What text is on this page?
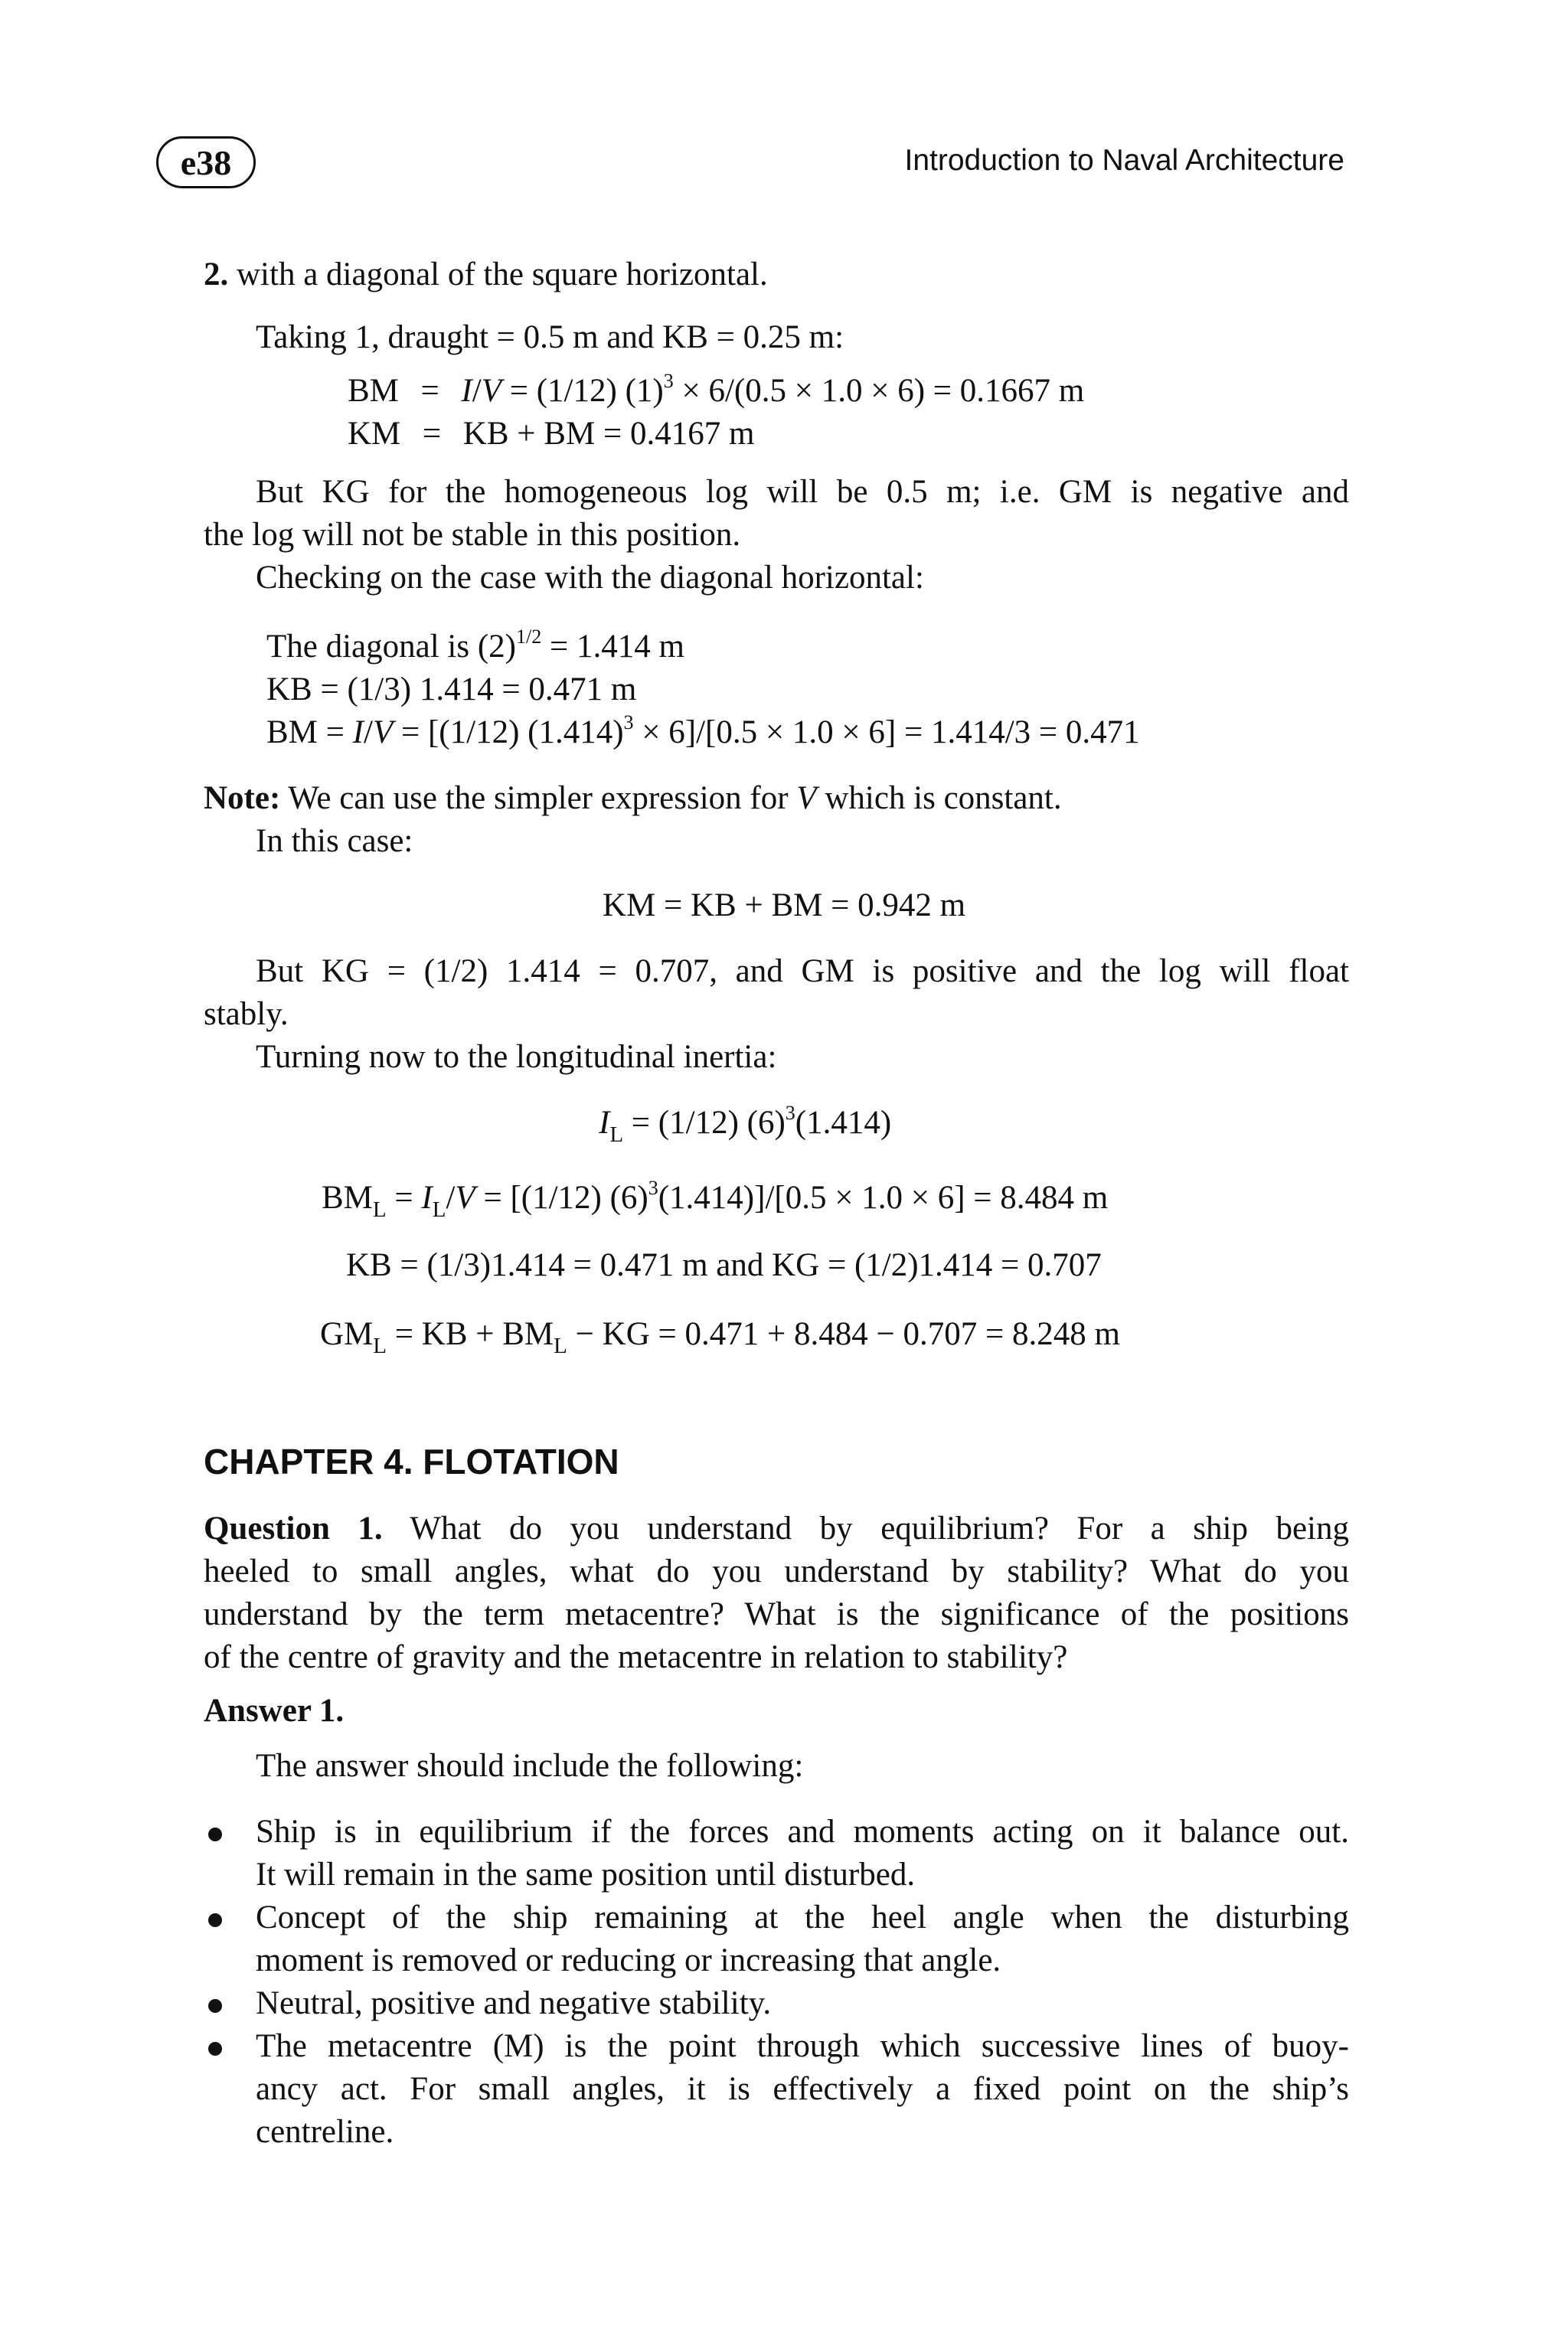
e38	Introduction to Naval Architecture
2. with a diagonal of the square horizontal.
Taking 1, draught = 0.5 m and KB = 0.25 m:
BM = I/V = (1/12) $(1)^3 \times 6/(0.5 \times 1.0 \times 6) = 0.1667$ m
KM = KB + BM = 0.4167 m
But KG for the homogeneous log will be 0.5 m; i.e. GM is negative and
the log will not be stable in this position.
Checking on the case with the diagonal horizontal:
The diagonal is $(2)^{1/2} = 1.414$ m
KB = (1/3) 1.414 = 0.471 m
BM = I/V = [(1/12) $(1.414)^3 \times 6]/[0.5 \times 1.0 \times 6] = 1.414/3 = 0.471$
Note: We can use the simpler expression for V which is constant.
In this case:
KM = KB + BM = 0.942 m
But KG = (1/2) 1.414 = 0.707, and GM is positive and the log will float
stably.
Turning now to the longitudinal inertia:
$I_L = (1/12)$ $(6)^3(1.414)$
$BM_L = I_L/V = [(1/12) (6)^3(1.414)]/[0.5 \times 1.0 \times 6] = 8.484$ m
KB = (1/3)1.414 = 0.471 m and KG = (1/2)1.414 = 0.707
$GM_L$ = KB + $BM_L$ − KG = 0.471 + 8.484 − 0.707 = 8.248 m
CHAPTER 4. FLOTATION
Question 1. What do you understand by equilibrium? For a ship being
heeled to small angles, what do you understand by stability? What do you
understand by the term metacentre? What is the significance of the positions
of the centre of gravity and the metacentre in relation to stability?
Answer 1.
The answer should include the following:
Ship is in equilibrium if the forces and moments acting on it balance out.
It will remain in the same position until disturbed.
Concept of the ship remaining at the heel angle when the disturbing
moment is removed or reducing or increasing that angle.
Neutral, positive and negative stability.
The metacentre (M) is the point through which successive lines of buoy-
ancy act. For small angles, it is effectively a fixed point on the ship’s
centreline.
